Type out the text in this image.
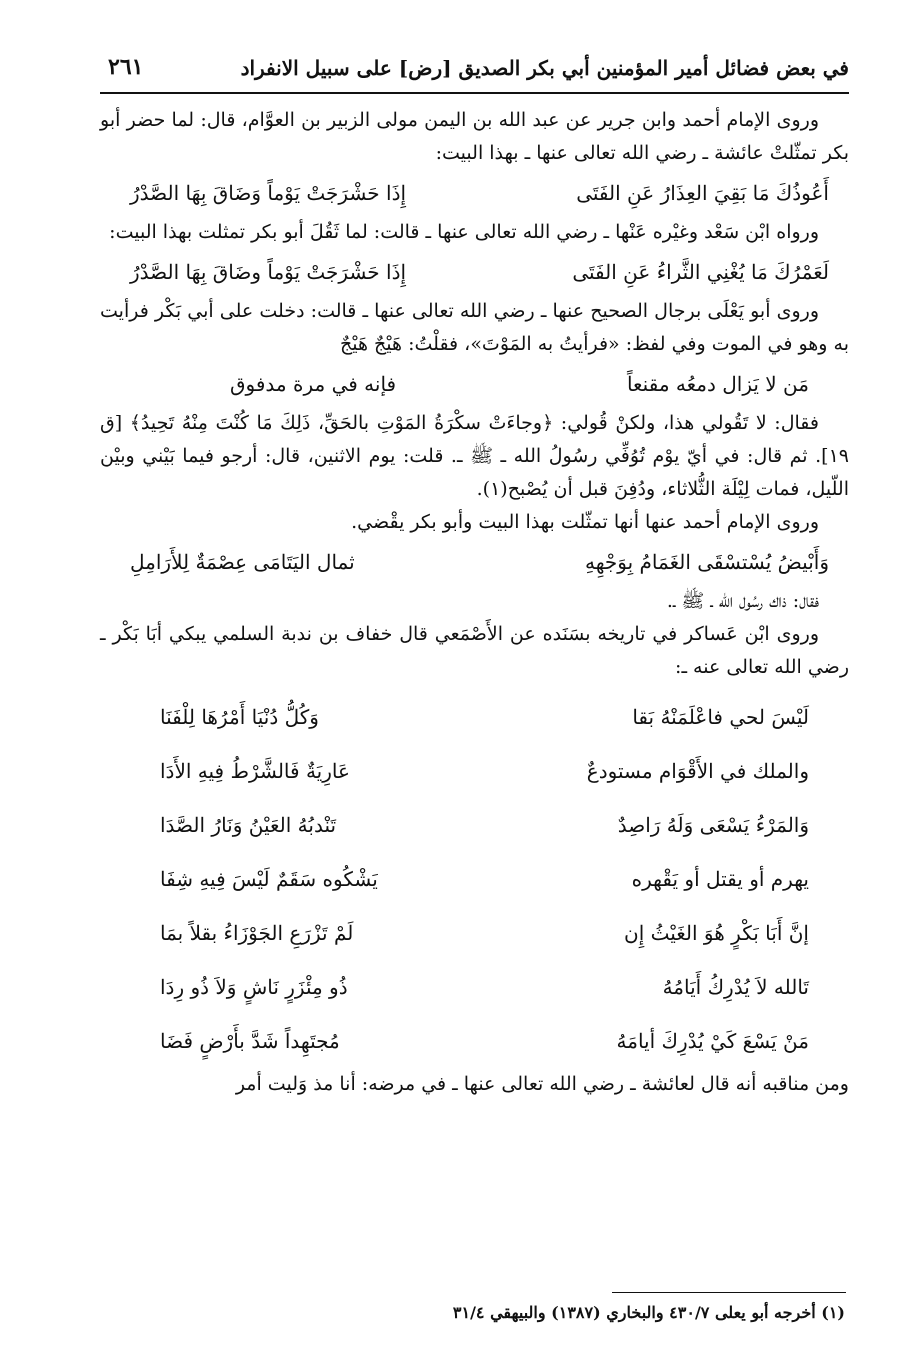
في بعض فضائل أمير المؤمنين أبي بكر الصديق [رض] على سبيل الانفراد
٢٦١

وروى الإمام أحمد وابن جرير عن عبد الله بن اليمن مولى الزبير بن العوَّام، قال: لما حضر أبو بكر تمثّلتْ عائشة ـ رضي الله تعالى عنها ـ بهذا البيت:

أَعُوذُكَ مَا بَقِيَ العِذَارُ عَنِ الفَتَى
إِذَا حَشْرَجَتْ يَوْماً وَضَاقَ بِهَا الصَّدْرُ

ورواه ابْن سَعْد وغيْره عَنْها ـ رضي الله تعالى عنها ـ قالت: لما ثَقُلَ أبو بكر تمثلت بهذا البيت:

لَعَمْرُكَ مَا يُغْنِي الثَّراءُ عَنِ الفَتَى
إِذَا حَشْرَجَتْ يَوْماً وضَاقَ بِهَا الصَّدْرُ

وروى أبو يَعْلَى برجال الصحيح عنها ـ رضي الله تعالى عنها ـ قالت: دخلت على أبي بَكْر فرأيت به وهو في الموت وفي لفظ: «فرأيتُ به المَوْتَ»، فقلْتُ: هَيْجٌ هَيْجٌ

مَن لا يَزال دمعُه مقنعاً
فإنه في مرة مدفوق

فقال: لا تَقُولي هذا، ولكنْ قُولي: ﴿وجاءَتْ سكْرَةُ المَوْتِ بالحَقِّ، ذَلِكَ مَا كُنْتَ مِنْهُ تَحِيدُ﴾ [ق ١٩]. ثم قال: في أيّ يوْم تُوُفِّي رسُولُ الله ـ ﷺ ـ. قلت: يوم الاثنين، قال: أرجو فيما بَيْني وبيْن اللّيل، فمات لِيْلَة الثُّلاثاء، ودُفِنَ قبل أن يُصْبح(١).

وروى الإمام أحمد عنها أنها تمثّلت بهذا البيت وأبو بكر يقْضي.

وَأَبْيضُ يُسْتسْقَى الغَمَامُ بِوَجْهِهِ
ثمال اليَتَامَى عِصْمَةٌ لِلأَرَامِلِ

فقال: ذاك رسُول الله ـ ﷺ ـ.

وروى ابْن عَساكر في تاريخه بسَنَده عن الأَصْمَعي قال خفاف بن ندبة السلمي يبكي أبَا بَكْر ـ رضي الله تعالى عنه ـ:

لَيْسَ لحي فاعْلَمَنْهُ بَقا
وَكُلُّ دُنْيَا أَمْرُهَا لِلْفَنَا
والملك في الأَقْوَام مستودعٌ
عَارِيَةٌ فَالشَّرْطُ فِيهِ الأَدَا
وَالمَرْءُ يَسْعَى وَلَهُ رَاصِدٌ
تَنْدبُهُ العَيْنُ وَنَارُ الصَّدَا
يهرم أو يقتل أو يَقْهره
يَشْكُوه سَقَمٌ لَيْسَ فِيهِ شِفَا
إنَّ أَبَا بَكْرٍ هُوَ الغَيْثُ إِن
لَمْ تَزْرَعِ الجَوْزَاءُ بقلاً بمَا
تَالله لاَ يُدْرِكُ أَيَامُهُ
ذُو مِئْزَرٍ نَاشٍ وَلاَ ذُو رِدَا
مَنْ يَسْعَ كَيْ يُدْرِكَ أيامَهُ
مُجتَهِداً شَدَّ بأَرْضٍ فَضَا

ومن مناقبه أنه قال لعائشة ـ رضي الله تعالى عنها ـ في مرضه: أنا مذ وَليت أمر

(١) أخرجه أبو يعلى ٤٣٠/٧ والبخاري (١٣٨٧) والبيهقي ٣١/٤
